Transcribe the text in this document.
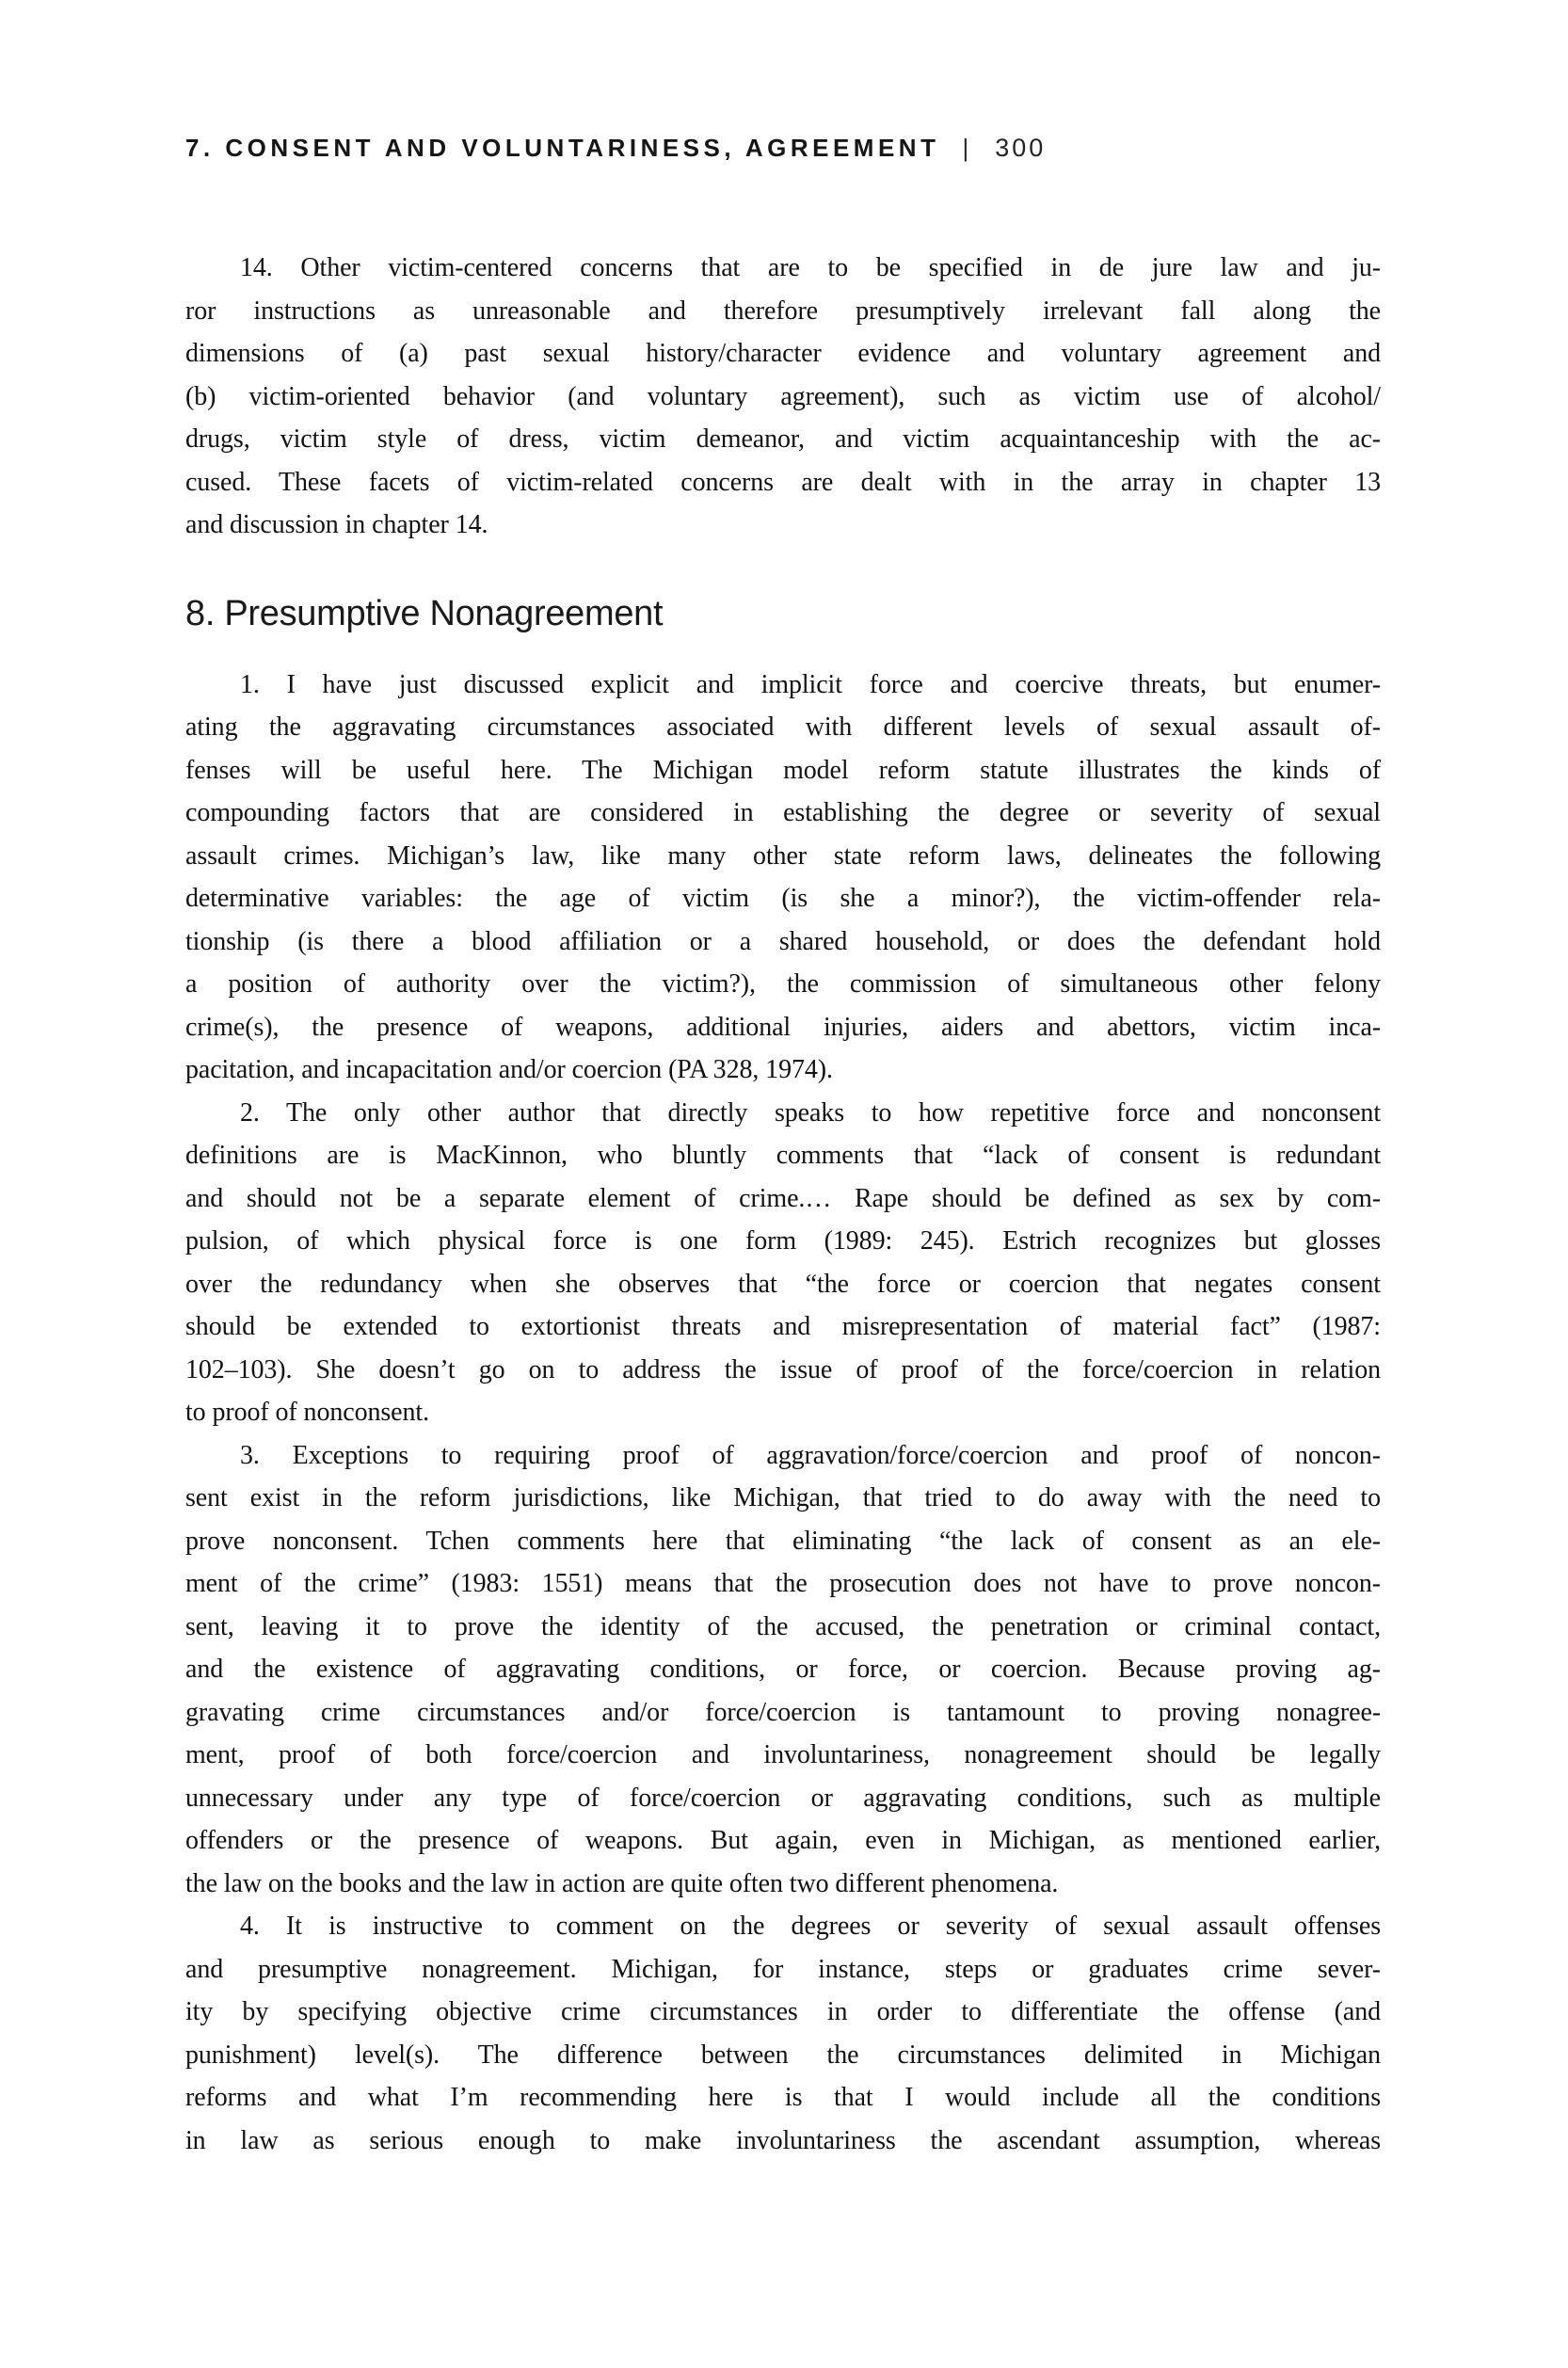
7. CONSENT AND VOLUNTARINESS, AGREEMENT | 300
14. Other victim-centered concerns that are to be specified in de jure law and ju-
ror instructions as unreasonable and therefore presumptively irrelevant fall along the
dimensions of (a) past sexual history/character evidence and voluntary agreement and
(b) victim-oriented behavior (and voluntary agreement), such as victim use of alcohol/
drugs, victim style of dress, victim demeanor, and victim acquaintanceship with the ac-
cused. These facets of victim-related concerns are dealt with in the array in chapter 13
and discussion in chapter 14.
8. Presumptive Nonagreement
1. I have just discussed explicit and implicit force and coercive threats, but enumer-
ating the aggravating circumstances associated with different levels of sexual assault of-
fenses will be useful here. The Michigan model reform statute illustrates the kinds of
compounding factors that are considered in establishing the degree or severity of sexual
assault crimes. Michigan’s law, like many other state reform laws, delineates the following
determinative variables: the age of victim (is she a minor?), the victim-offender rela-
tionship (is there a blood affiliation or a shared household, or does the defendant hold
a position of authority over the victim?), the commission of simultaneous other felony
crime(s), the presence of weapons, additional injuries, aiders and abettors, victim inca-
pacitation, and incapacitation and/or coercion (PA 328, 1974).
2. The only other author that directly speaks to how repetitive force and nonconsent
definitions are is MacKinnon, who bluntly comments that “lack of consent is redundant
and should not be a separate element of crime.… Rape should be defined as sex by com-
pulsion, of which physical force is one form (1989: 245). Estrich recognizes but glosses
over the redundancy when she observes that “the force or coercion that negates consent
should be extended to extortionist threats and misrepresentation of material fact” (1987:
102–103). She doesn’t go on to address the issue of proof of the force/coercion in relation
to proof of nonconsent.
3. Exceptions to requiring proof of aggravation/force/coercion and proof of noncon-
sent exist in the reform jurisdictions, like Michigan, that tried to do away with the need to
prove nonconsent. Tchen comments here that eliminating “the lack of consent as an ele-
ment of the crime” (1983: 1551) means that the prosecution does not have to prove noncon-
sent, leaving it to prove the identity of the accused, the penetration or criminal contact,
and the existence of aggravating conditions, or force, or coercion. Because proving ag-
gravating crime circumstances and/or force/coercion is tantamount to proving nonagree-
ment, proof of both force/coercion and involuntariness, nonagreement should be legally
unnecessary under any type of force/coercion or aggravating conditions, such as multiple
offenders or the presence of weapons. But again, even in Michigan, as mentioned earlier,
the law on the books and the law in action are quite often two different phenomena.
4. It is instructive to comment on the degrees or severity of sexual assault offenses
and presumptive nonagreement. Michigan, for instance, steps or graduates crime sever-
ity by specifying objective crime circumstances in order to differentiate the offense (and
punishment) level(s). The difference between the circumstances delimited in Michigan
reforms and what I’m recommending here is that I would include all the conditions
in law as serious enough to make involuntariness the ascendant assumption, whereas
